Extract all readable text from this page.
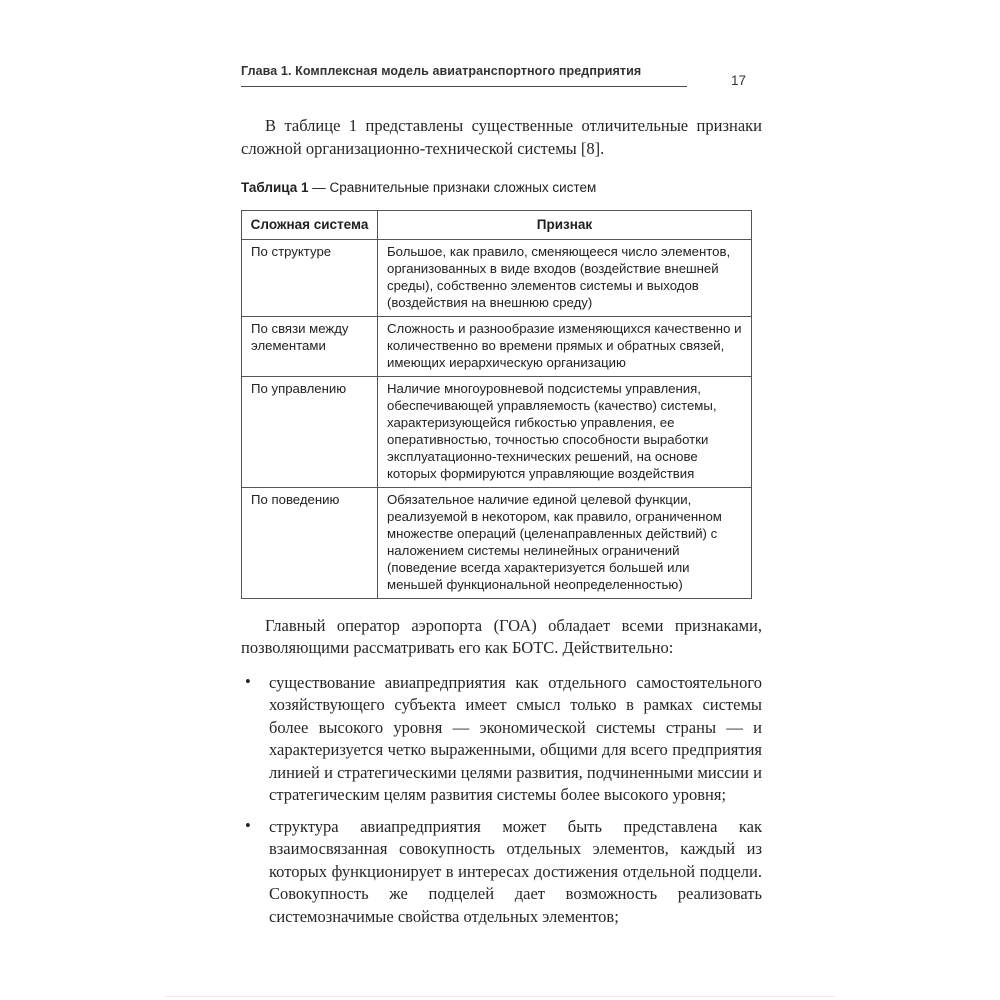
Глава 1. Комплексная модель авиатранспортного предприятия
17

В таблице 1 представлены существенные отличительные признаки сложной организационно-технической системы [8].

Таблица 1 — Сравнительные признаки сложных систем

Сложная система	Признак
По структуре	Большое, как правило, сменяющееся число элементов, организованных в виде входов (воздействие внешней среды), собственно элементов системы и выходов (воздействия на внешнюю среду)
По связи между элементами	Сложность и разнообразие изменяющихся качественно и количественно во времени прямых и обратных связей, имеющих иерархическую организацию
По управлению	Наличие многоуровневой подсистемы управления, обеспечивающей управляемость (качество) системы, характеризующейся гибкостью управления, ее оперативностью, точностью способности выработки эксплуатационно-технических решений, на основе которых формируются управляющие воздействия
По поведению	Обязательное наличие единой целевой функции, реализуемой в некотором, как правило, ограниченном множестве операций (целенаправленных действий) с наложением системы нелинейных ограничений (поведение всегда характеризуется большей или меньшей функциональной неопределенностью)

Главный оператор аэропорта (ГОА) обладает всеми признаками, позволяющими рассматривать его как БОТС. Действительно:

• существование авиапредприятия как отдельного самостоятельного хозяйствующего субъекта имеет смысл только в рамках системы более высокого уровня — экономической системы страны — и характеризуется четко выраженными, общими для всего предприятия линией и стратегическими целями развития, подчиненными миссии и стратегическим целям развития системы более высокого уровня;
• структура авиапредприятия может быть представлена как взаимосвязанная совокупность отдельных элементов, каждый из которых функционирует в интересах достижения отдельной подцели. Совокупность же подцелей дает возможность реализовать системозначимые свойства отдельных элементов;
